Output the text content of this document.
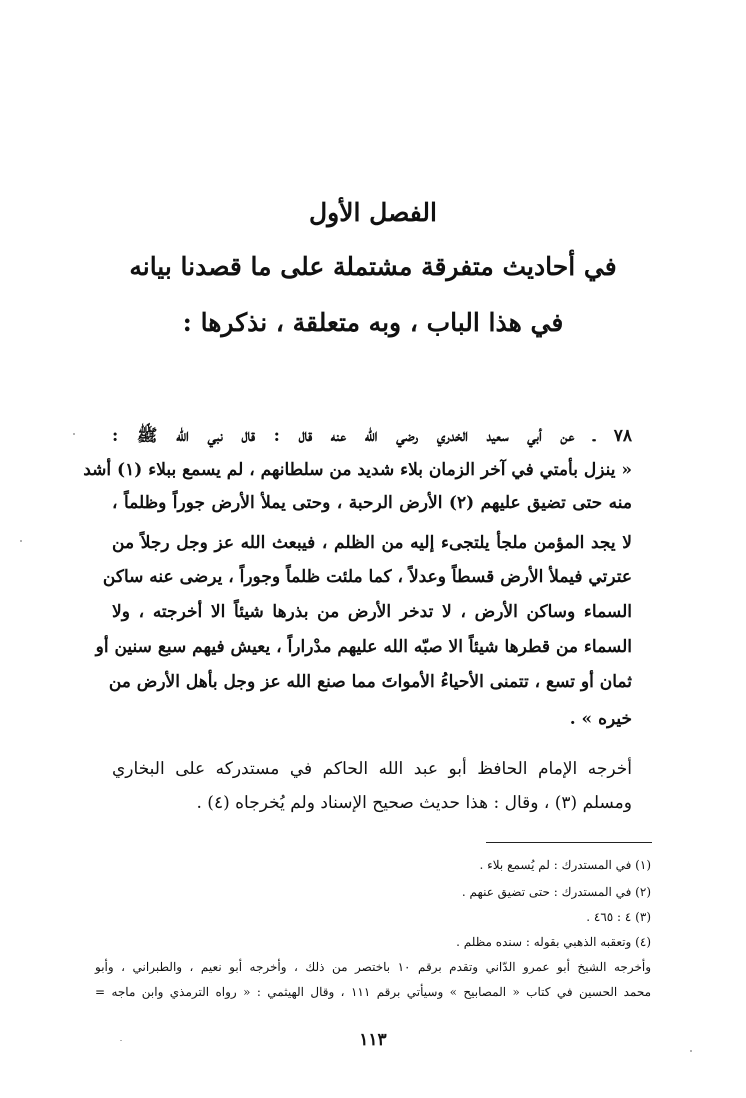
الفصل الأول
في أحاديث متفرقة مشتملة على ما قصدنا بيانه
في هذا الباب ، وبه متعلقة ، نذكرها :
٧٨ ـ عن أبي سعيد الخدري رضي الله عنه قال : قال نبي الله ﷺ :
« ينزل بأمتي في آخر الزمان بلاء شديد من سلطانهم ، لم يسمع ببلاء (١) أشد
منه حتى تضيق عليهم (٢) الأرض الرحبة ، وحتى يملأ الأرض جوراً وظلماً ،
لا يجد المؤمن ملجأ يلتجىء إليه من الظلم ، فيبعث الله عز وجل رجلاً من
عترتي فيملأ الأرض قسطاً وعدلاً ، كما ملئت ظلماً وجوراً ، يرضى عنه ساكن
السماء وساكن الأرض ، لا تدخر الأرض من بذرها شيئاً الا أخرجته ، ولا
السماء من قطرها شيئاً الا صبّه الله عليهم مدْراراً ، يعيش فيهم سبع سنين أو
ثمان أو تسع ، تتمنى الأحياءُ الأمواتَ مما صنع الله عز وجل بأهل الأرض من
خيره » .
أخرجه الإمام الحافظ أبو عبد الله الحاكم في مستدركه على البخاري
ومسلم (٣) ، وقال : هذا حديث صحيح الإسناد ولم يُخرجاه (٤) .
(١) في المستدرك : لم يُسمع بلاء .
(٢) في المستدرك : حتى تضيق عنهم .
(٣) ٤ : ٤٦٥ .
(٤) وتعقبه الذهبي بقوله : سنده مظلم .
وأخرجه الشيخ أبو عمرو الدّاني وتقدم برقم ١٠ باختصر من ذلك ، وأخرجه أبو نعيم ، والطبراني ، وأبو
محمد الحسين في كتاب « المصابيح » وسيأتي برقم ١١١ ، وقال الهيثمي : « رواه الترمذي وابن ماجه =
١١٣
